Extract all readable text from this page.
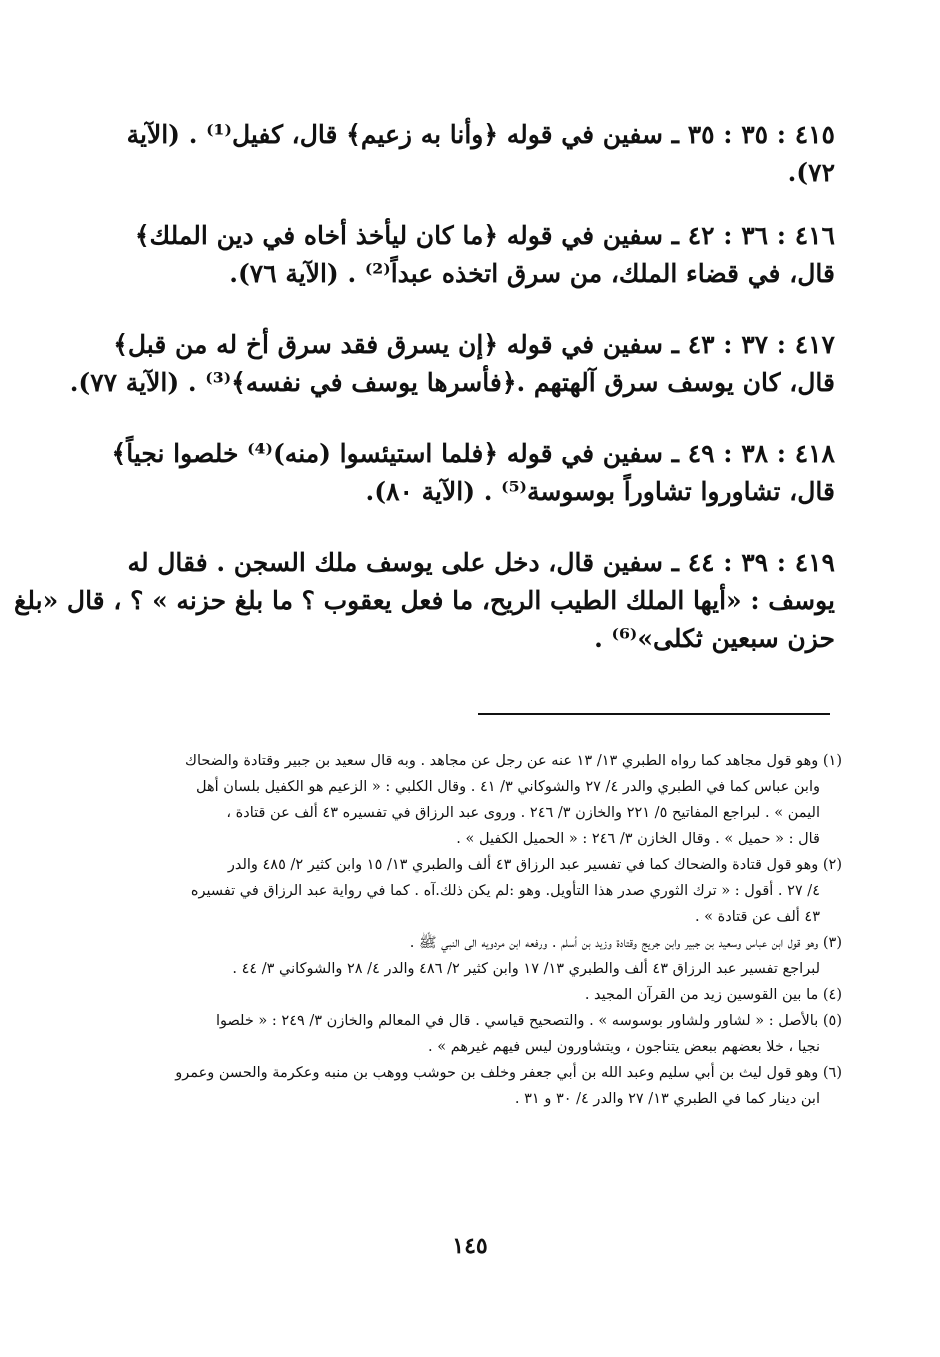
٤١٥ : ٣٥ : ٣٥ ـ سفين في قوله ﴿وأنا به زعيم﴾ قال، كفيل⁽¹⁾ . (الآية
٧٢).
٤١٦ : ٣٦ : ٤٢ ـ سفين في قوله ﴿ما كان ليأخذ أخاه في دين الملك﴾
قال، في قضاء الملك، من سرق اتخذه عبداً⁽²⁾ . (الآية ٧٦).
٤١٧ : ٣٧ : ٤٣ ـ سفين في قوله ﴿إن يسرق فقد سرق أخ له من قبل﴾
قال، كان يوسف سرق آلهتهم .﴿فأسرها يوسف في نفسه﴾⁽³⁾ . (الآية ٧٧).
٤١٨ : ٣٨ : ٤٩ ـ سفين في قوله ﴿فلما استيئسوا (منه)⁽⁴⁾ خلصوا نجياً﴾
قال، تشاوروا تشاوراً بوسوسة⁽⁵⁾ . (الآية ٨٠).
٤١٩ : ٣٩ : ٤٤ ـ سفين قال، دخل على يوسف ملك السجن . فقال له
يوسف : «أيها الملك الطيب الريح، ما فعل يعقوب ؟ ما بلغ حزنه » ؟ ، قال «بلغ
حزن سبعين ثكلى»⁽⁶⁾ .
(١) وهو قول مجاهد كما رواه الطبري ١٣/ ١٣ عنه عن رجل عن مجاهد . وبه قال سعيد بن جبير وقتادة والضحاك
وابن عباس كما في الطبري والدر ٤/ ٢٧ والشوكاني ٣/ ٤١ . وقال الكلبي : « الزعيم هو الكفيل بلسان أهل
اليمن » . لبراجع المفاتيح ٥/ ٢٢١ والخازن ٣/ ٢٤٦ . وروى عبد الرزاق في تفسيره ٤٣ ألف عن قتادة ،
قال : « حميل » . وقال الخازن ٣/ ٢٤٦ : « الحميل الكفيل » .
(٢) وهو قول قتادة والضحاك كما في تفسير عبد الرزاق ٤٣ ألف والطبري ١٣/ ١٥ وابن كثير ٢/ ٤٨٥ والدر
٤/ ٢٧ . أقول : « ترك الثوري صدر هذا التأويل. وهو :لم يكن ذلك.آه . كما في رواية عبد الرزاق في تفسيره
٤٣ ألف عن قتادة » .
(٣) وهو قول ابن عباس وسعيد بن جبير وابن جريج وقتادة وزيد بن أسلم . ورفعه ابن مردويه الى النبي ﷺ .
لبراجع تفسير عبد الرزاق ٤٣ ألف والطبري ١٣/ ١٧ وابن كثير ٢/ ٤٨٦ والدر ٤/ ٢٨ والشوكاني ٣/ ٤٤ .
(٤) ما بين القوسين زيد من القرآن المجيد .
(٥) بالأصل : « لشاور ولشاور بوسوسه » . والتصحيح قياسي . قال في المعالم والخازن ٣/ ٢٤٩ : « خلصوا
نجيا ، خلا بعضهم ببعض يتناجون ، ويتشاورون ليس فيهم غيرهم » .
(٦) وهو قول ليث بن أبي سليم وعبد الله بن أبي جعفر وخلف بن حوشب ووهب بن منبه وعكرمة والحسن وعمرو
ابن دينار كما في الطبري ١٣/ ٢٧ والدر ٤/ ٣٠ و ٣١ .
١٤٥
